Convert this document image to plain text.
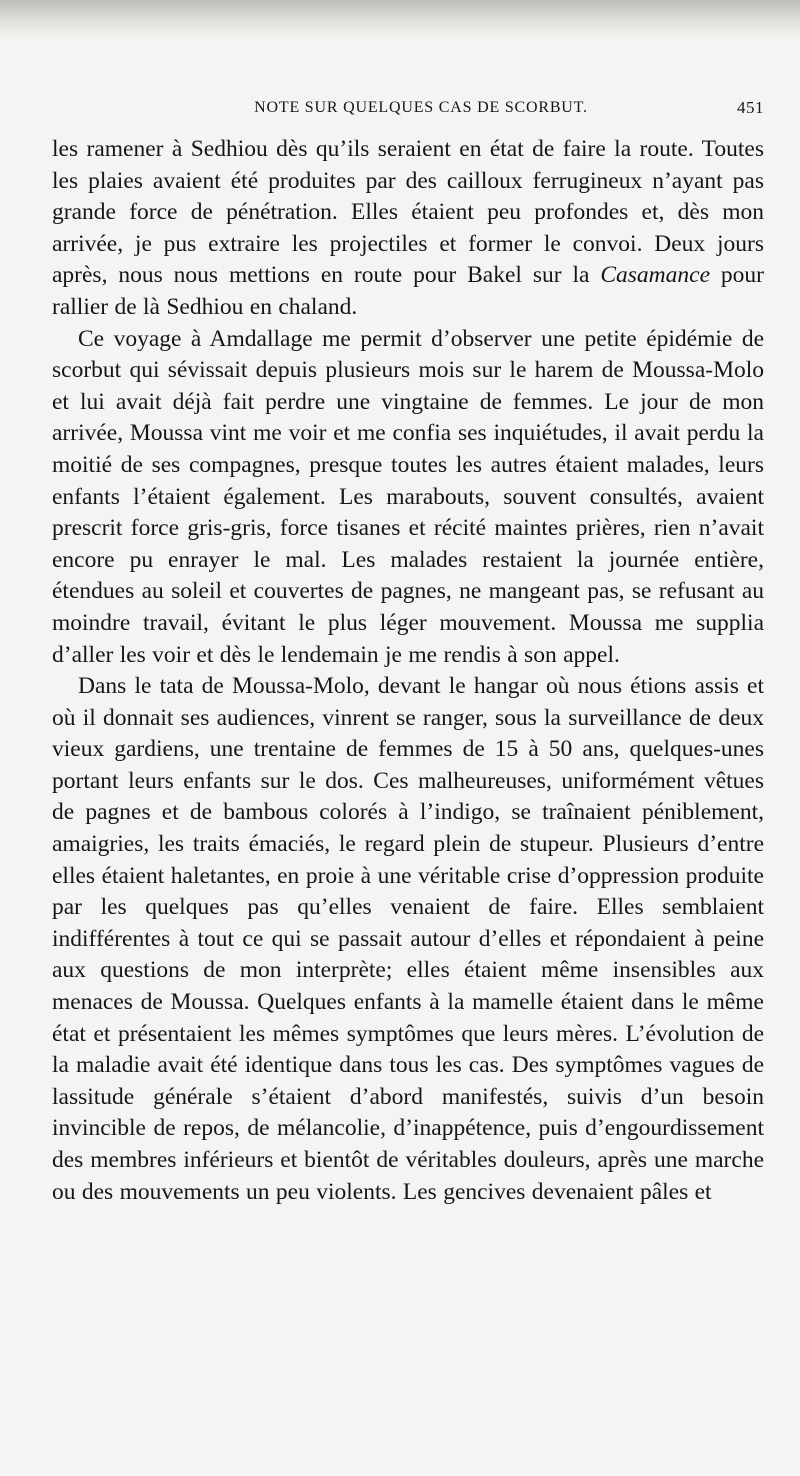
NOTE SUR QUELQUES CAS DE SCORBUT.	451

les ramener à Sedhiou dès qu’ils seraient en état de faire la route. Toutes les plaies avaient été produites par des cailloux ferrugineux n’ayant pas grande force de pénétration. Elles étaient peu profondes et, dès mon arrivée, je pus extraire les projectiles et former le convoi. Deux jours après, nous nous mettions en route pour Bakel sur la Casamance pour rallier de là Sedhiou en chaland.

Ce voyage à Amdallage me permit d’observer une petite épidémie de scorbut qui sévissait depuis plusieurs mois sur le harem de Moussa-Molo et lui avait déjà fait perdre une vingtaine de femmes. Le jour de mon arrivée, Moussa vint me voir et me confia ses inquiétudes, il avait perdu la moitié de ses compagnes, presque toutes les autres étaient malades, leurs enfants l’étaient également. Les marabouts, souvent consultés, avaient prescrit force gris-gris, force tisanes et récité maintes prières, rien n’avait encore pu enrayer le mal. Les malades restaient la journée entière, étendues au soleil et couvertes de pagnes, ne mangeant pas, se refusant au moindre travail, évitant le plus léger mouvement. Moussa me supplia d’aller les voir et dès le lendemain je me rendis à son appel.

Dans le tata de Moussa-Molo, devant le hangar où nous étions assis et où il donnait ses audiences, vinrent se ranger, sous la surveillance de deux vieux gardiens, une trentaine de femmes de 15 à 50 ans, quelques-unes portant leurs enfants sur le dos. Ces malheureuses, uniformément vêtues de pagnes et de bambous colorés à l’indigo, se traînaient péniblement, amaigries, les traits émaciés, le regard plein de stupeur. Plusieurs d’entre elles étaient haletantes, en proie à une véritable crise d’oppression produite par les quelques pas qu’elles venaient de faire. Elles semblaient indifférentes à tout ce qui se passait autour d’elles et répondaient à peine aux questions de mon interprète; elles étaient même insensibles aux menaces de Moussa. Quelques enfants à la mamelle étaient dans le même état et présentaient les mêmes symptômes que leurs mères. L’évolution de la maladie avait été identique dans tous les cas. Des symptômes vagues de lassitude générale s’étaient d’abord manifestés, suivis d’un besoin invincible de repos, de mélancolie, d’inappétence, puis d’engourdissement des membres inférieurs et bientôt de véritables douleurs, après une marche ou des mouvements un peu violents. Les gencives devenaient pâles et
